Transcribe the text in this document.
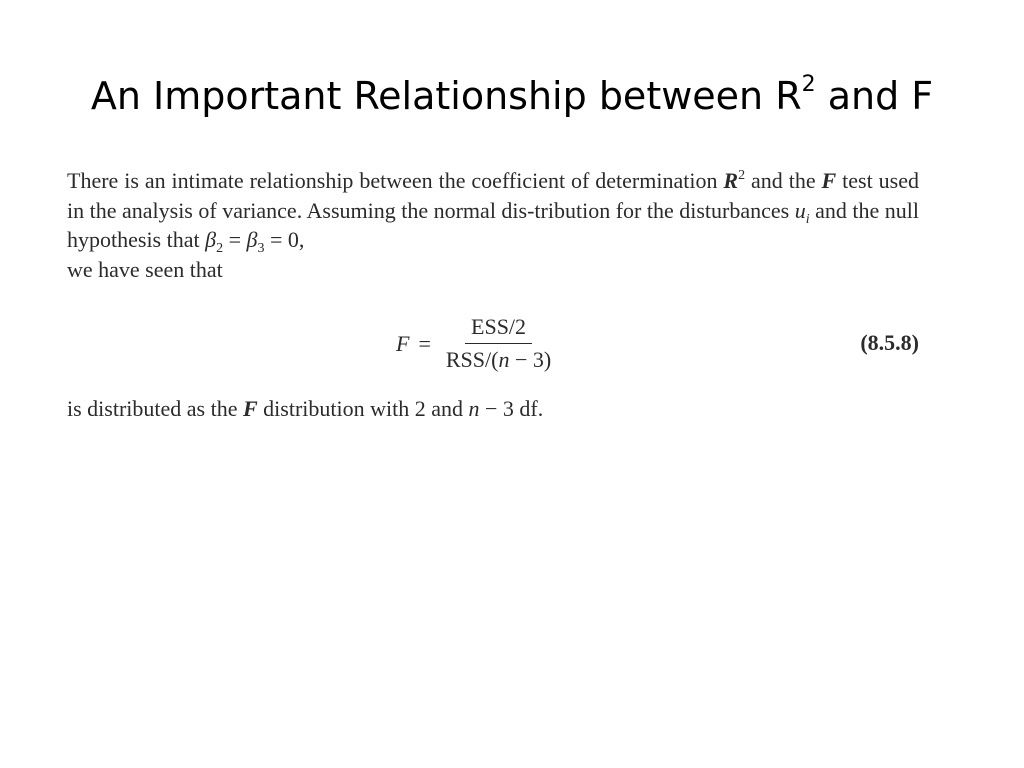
An Important Relationship between $R^2$ and F

There is an intimate relationship between the coefficient of determination $R^2$ and the F test used in the analysis of variance. Assuming the normal dis-tribution for the disturbances $u_i$ and the null hypothesis that $\beta_2 = \beta_3 = 0$,
we have seen that

$F = \frac{\text{ESS/2}}{\text{RSS/(n − 3)}}$	(8.5.8)

is distributed as the F distribution with 2 and n − 3 df.
